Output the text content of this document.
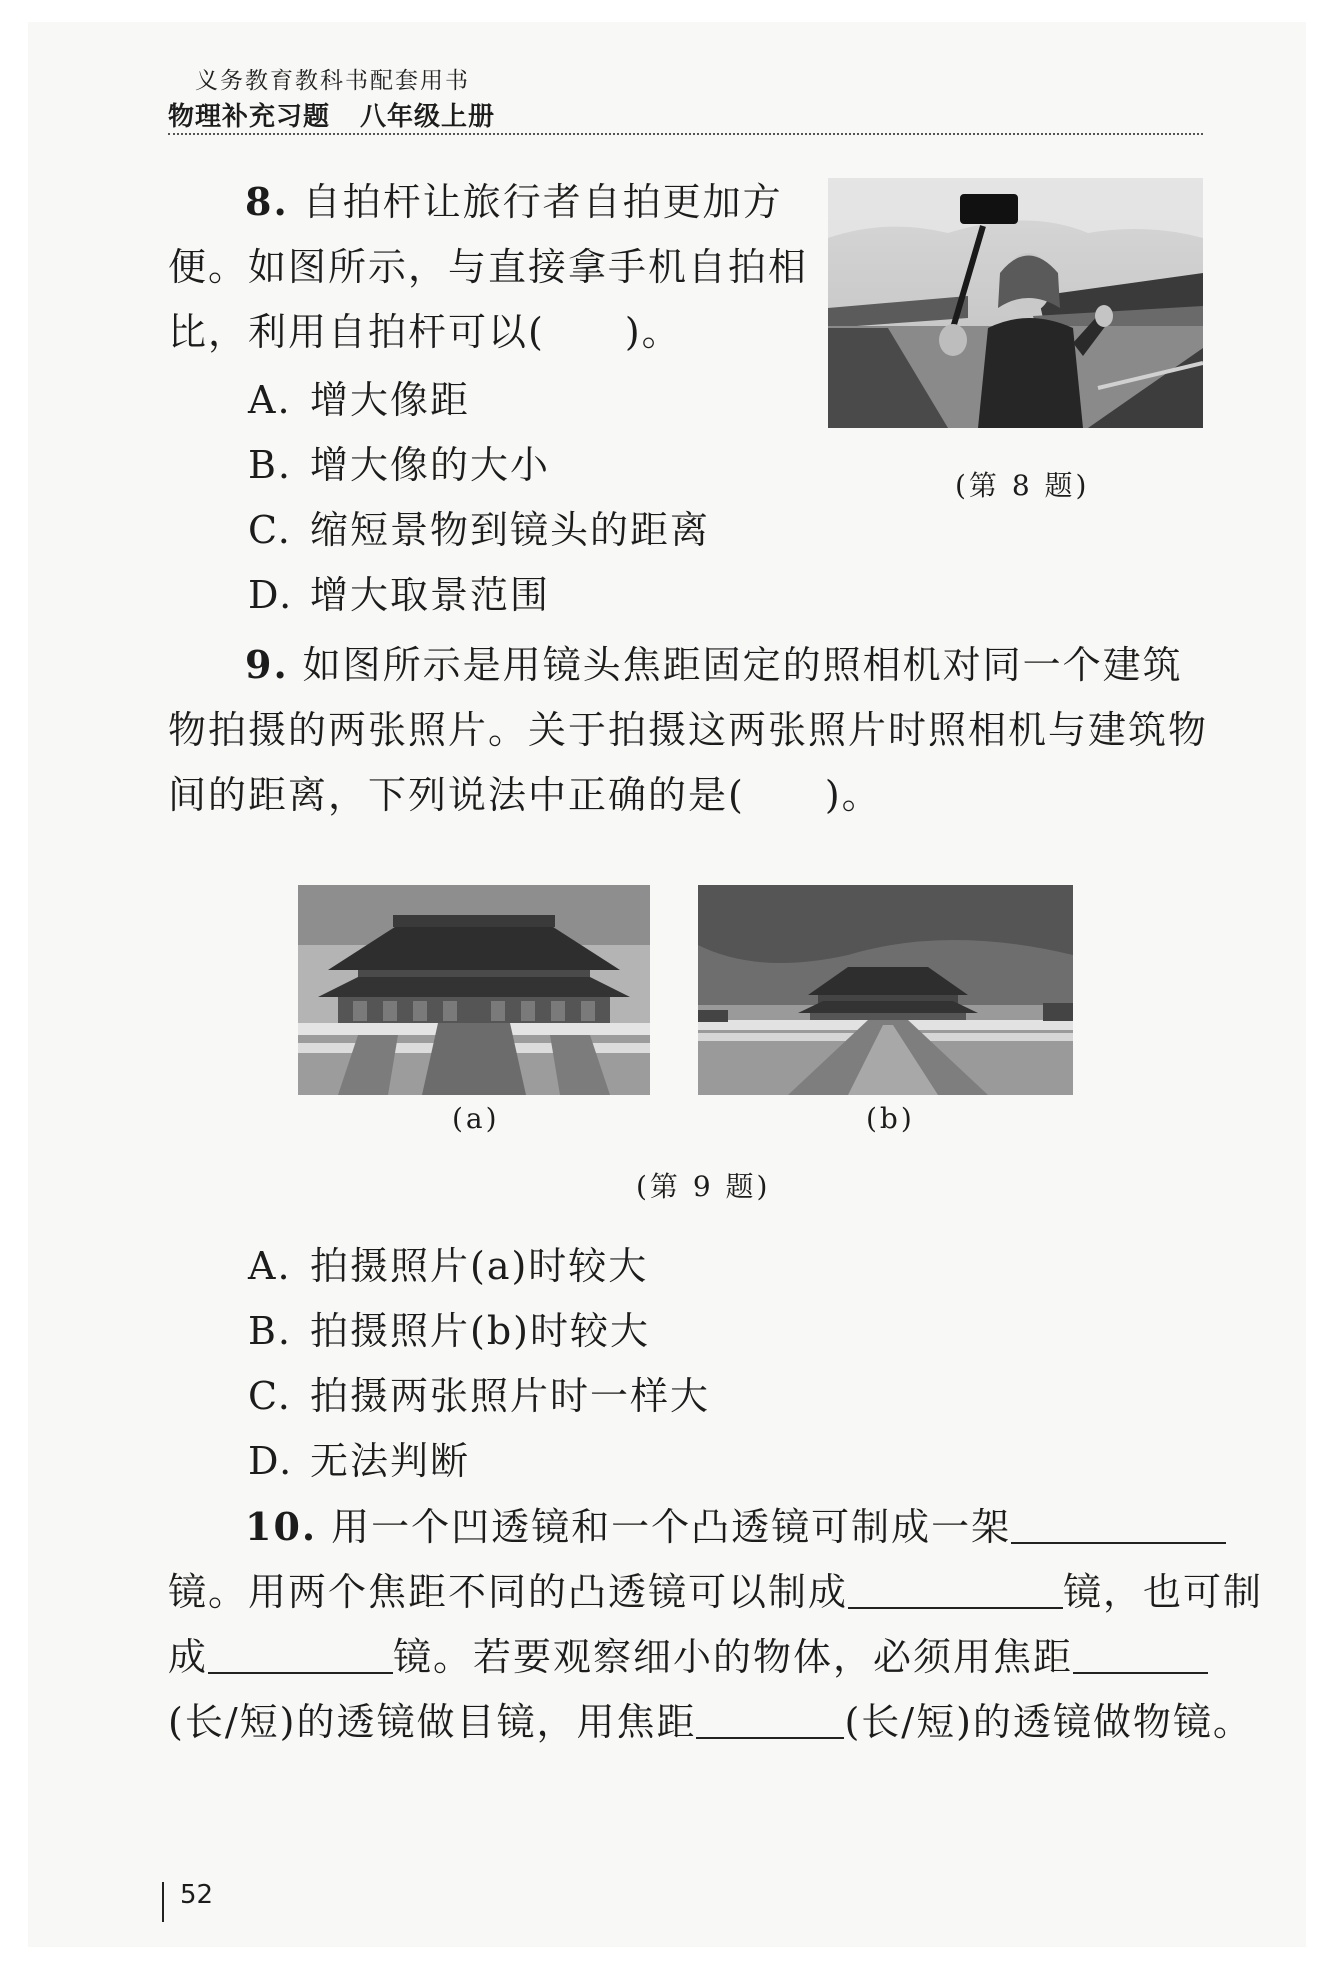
义务教育教科书配套用书
物理补充习题 八年级上册
8. 自拍杆让旅行者自拍更加方
便。如图所示，与直接拿手机自拍相
比，利用自拍杆可以(　　)。
A. 增大像距
B. 增大像的大小
C. 缩短景物到镜头的距离
D. 增大取景范围
(第 8 题)
9. 如图所示是用镜头焦距固定的照相机对同一个建筑
物拍摄的两张照片。关于拍摄这两张照片时照相机与建筑物
间的距离，下列说法中正确的是(　　)。
(a)	(b)
(第 9 题)
A. 拍摄照片(a)时较大
B. 拍摄照片(b)时较大
C. 拍摄两张照片时一样大
D. 无法判断
10. 用一个凹透镜和一个凸透镜可制成一架
镜。用两个焦距不同的凸透镜可以制成	镜，也可制
成	镜。若要观察细小的物体，必须用焦距
(长/短)的透镜做目镜，用焦距	(长/短)的透镜做物镜。
52
